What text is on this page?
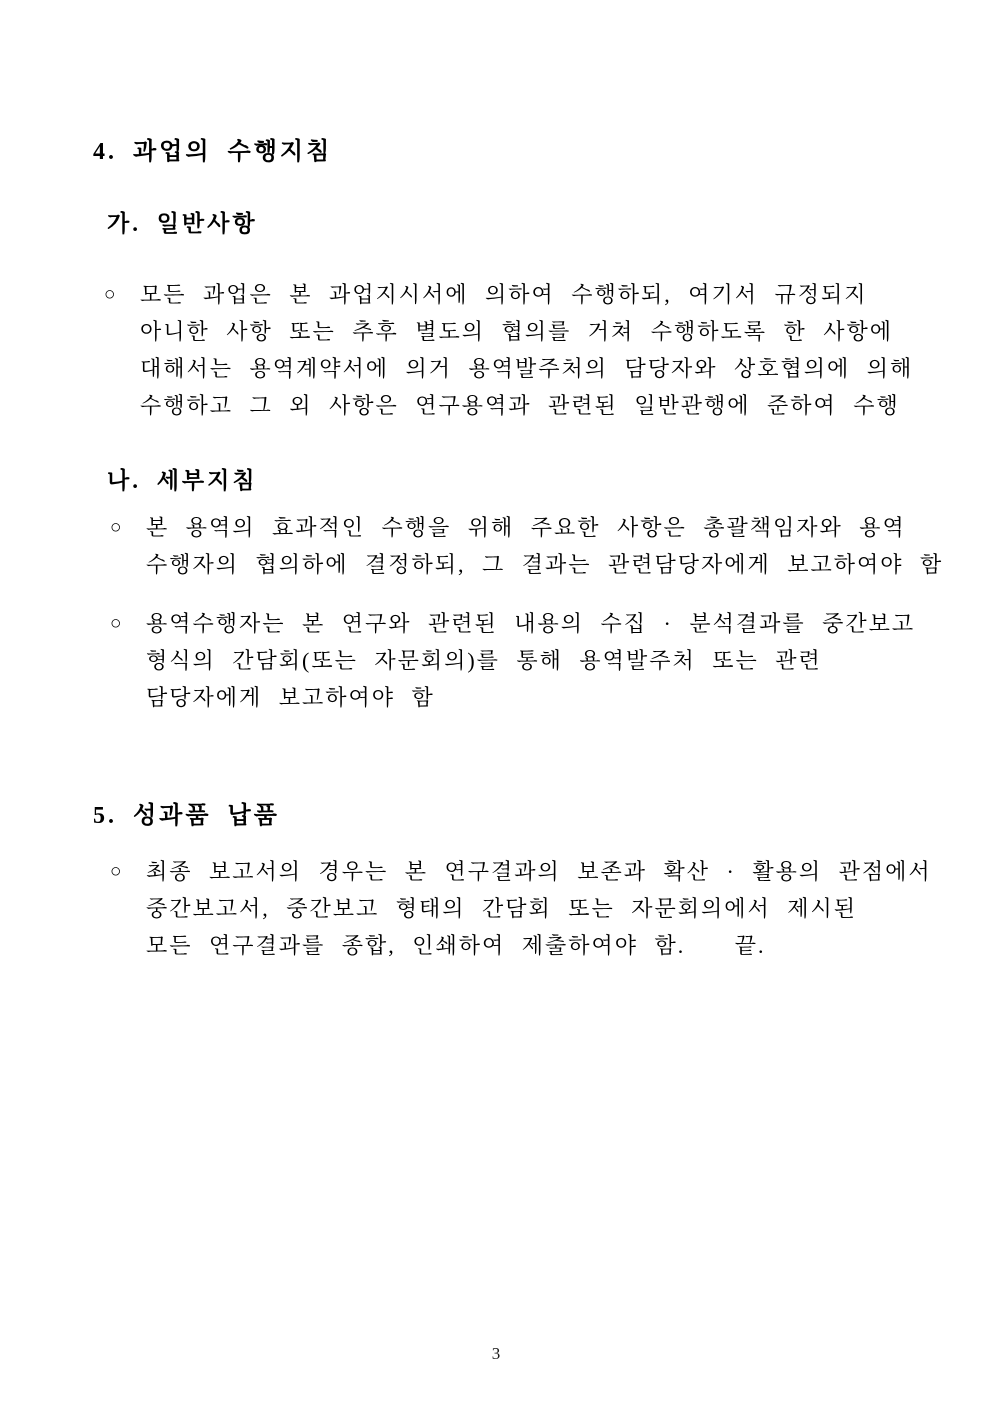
4. 과업의 수행지침
가. 일반사항
○	모든 과업은 본 과업지시서에 의하여 수행하되, 여기서 규정되지
아니한 사항 또는 추후 별도의 협의를 거쳐 수행하도록 한 사항에
대해서는 용역계약서에 의거 용역발주처의 담당자와 상호협의에 의해
수행하고 그 외 사항은 연구용역과 관련된 일반관행에 준하여 수행
나. 세부지침
○	본 용역의 효과적인 수행을 위해 주요한 사항은 총괄책임자와 용역
수행자의 협의하에 결정하되, 그 결과는 관련담당자에게 보고하여야 함
○	용역수행자는 본 연구와 관련된 내용의 수집 · 분석결과를 중간보고
형식의 간담회(또는 자문회의)를 통해 용역발주처 또는 관련
담당자에게 보고하여야 함
5. 성과품 납품
○	최종 보고서의 경우는 본 연구결과의 보존과 확산 · 활용의 관점에서
중간보고서, 중간보고 형태의 간담회 또는 자문회의에서 제시된
모든 연구결과를 종합, 인쇄하여 제출하여야 함.   끝.
3
